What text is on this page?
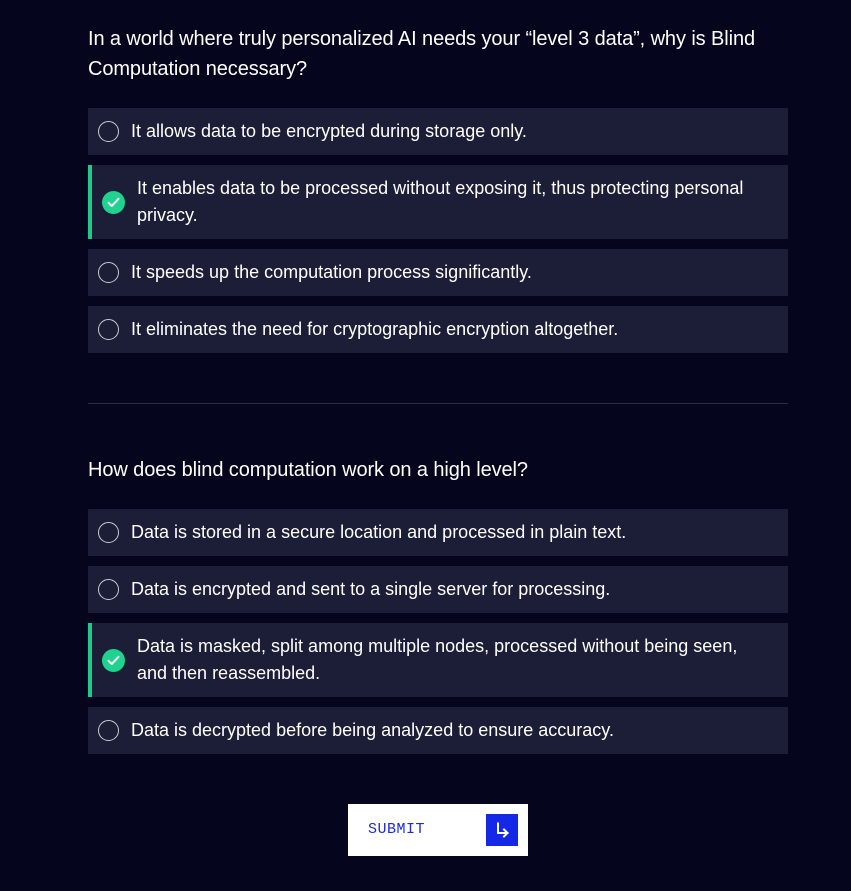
In a world where truly personalized AI needs your “level 3 data”, why is Blind Computation necessary?

It allows data to be encrypted during storage only.
It enables data to be processed without exposing it, thus protecting personal privacy.
It speeds up the computation process significantly.
It eliminates the need for cryptographic encryption altogether.

How does blind computation work on a high level?

Data is stored in a secure location and processed in plain text.
Data is encrypted and sent to a single server for processing.
Data is masked, split among multiple nodes, processed without being seen, and then reassembled.
Data is decrypted before being analyzed to ensure accuracy.
SUBMIT
